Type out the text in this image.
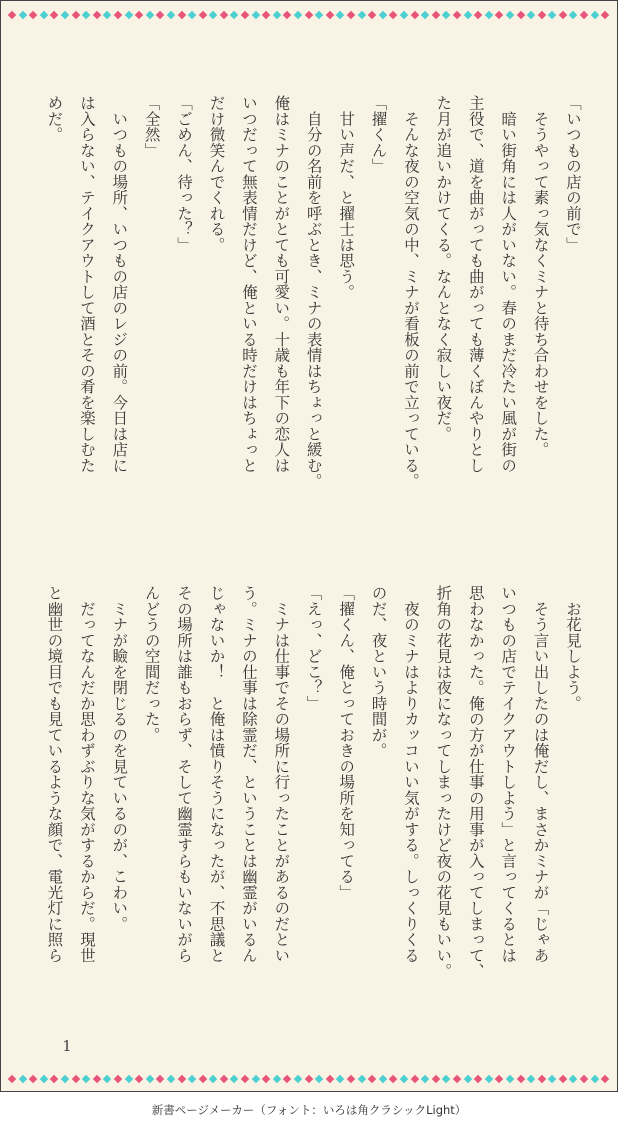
「いつもの店の前で」
　そうやって素っ気なくミナと待ち合わせをした。
　暗い街角には人がいない。春のまだ冷たい風が街の
主役で、道を曲がっても曲がっても薄くぼんやりとし
た月が追いかけてくる。なんとなく寂しい夜だ。
　そんな夜の空気の中、ミナが看板の前で立っている。
「擢くん」
　甘い声だ、と擢士は思う。
　自分の名前を呼ぶとき、ミナの表情はちょっと緩む。
俺はミナのことがとても可愛い。十歳も年下の恋人は
いつだって無表情だけど、俺といる時だけはちょっと
だけ微笑んでくれる。
「ごめん、待った？」
「全然」
　いつもの場所、いつもの店のレジの前。今日は店に
は入らない、テイクアウトして酒とその肴を楽しむた
めだ。
　お花見しよう。
　そう言い出したのは俺だし、まさかミナが「じゃあ
いつもの店でテイクアウトしよう」と言ってくるとは
思わなかった。俺の方が仕事の用事が入ってしまって、
折角の花見は夜になってしまったけど夜の花見もいい。
　夜のミナはよりカッコいい気がする。しっくりくる
のだ、夜という時間が。
「擢くん、俺とっておきの場所を知ってる」
「えっ、どこ？」
　ミナは仕事でその場所に行ったことがあるのだとい
う。ミナの仕事は除霊だ、ということは幽霊がいるん
じゃないか！　と俺は憤りそうになったが、不思議と
その場所は誰もおらず、そして幽霊すらもいないがら
んどうの空間だった。
　ミナが瞼を閉じるのを見ているのが、こわい。
　だってなんだか思わずぶりな気がするからだ。現世
と幽世の境目でも見ているような顔で、電光灯に照ら
1
新書ページメーカー（フォント：いろは角クラシックLight）
